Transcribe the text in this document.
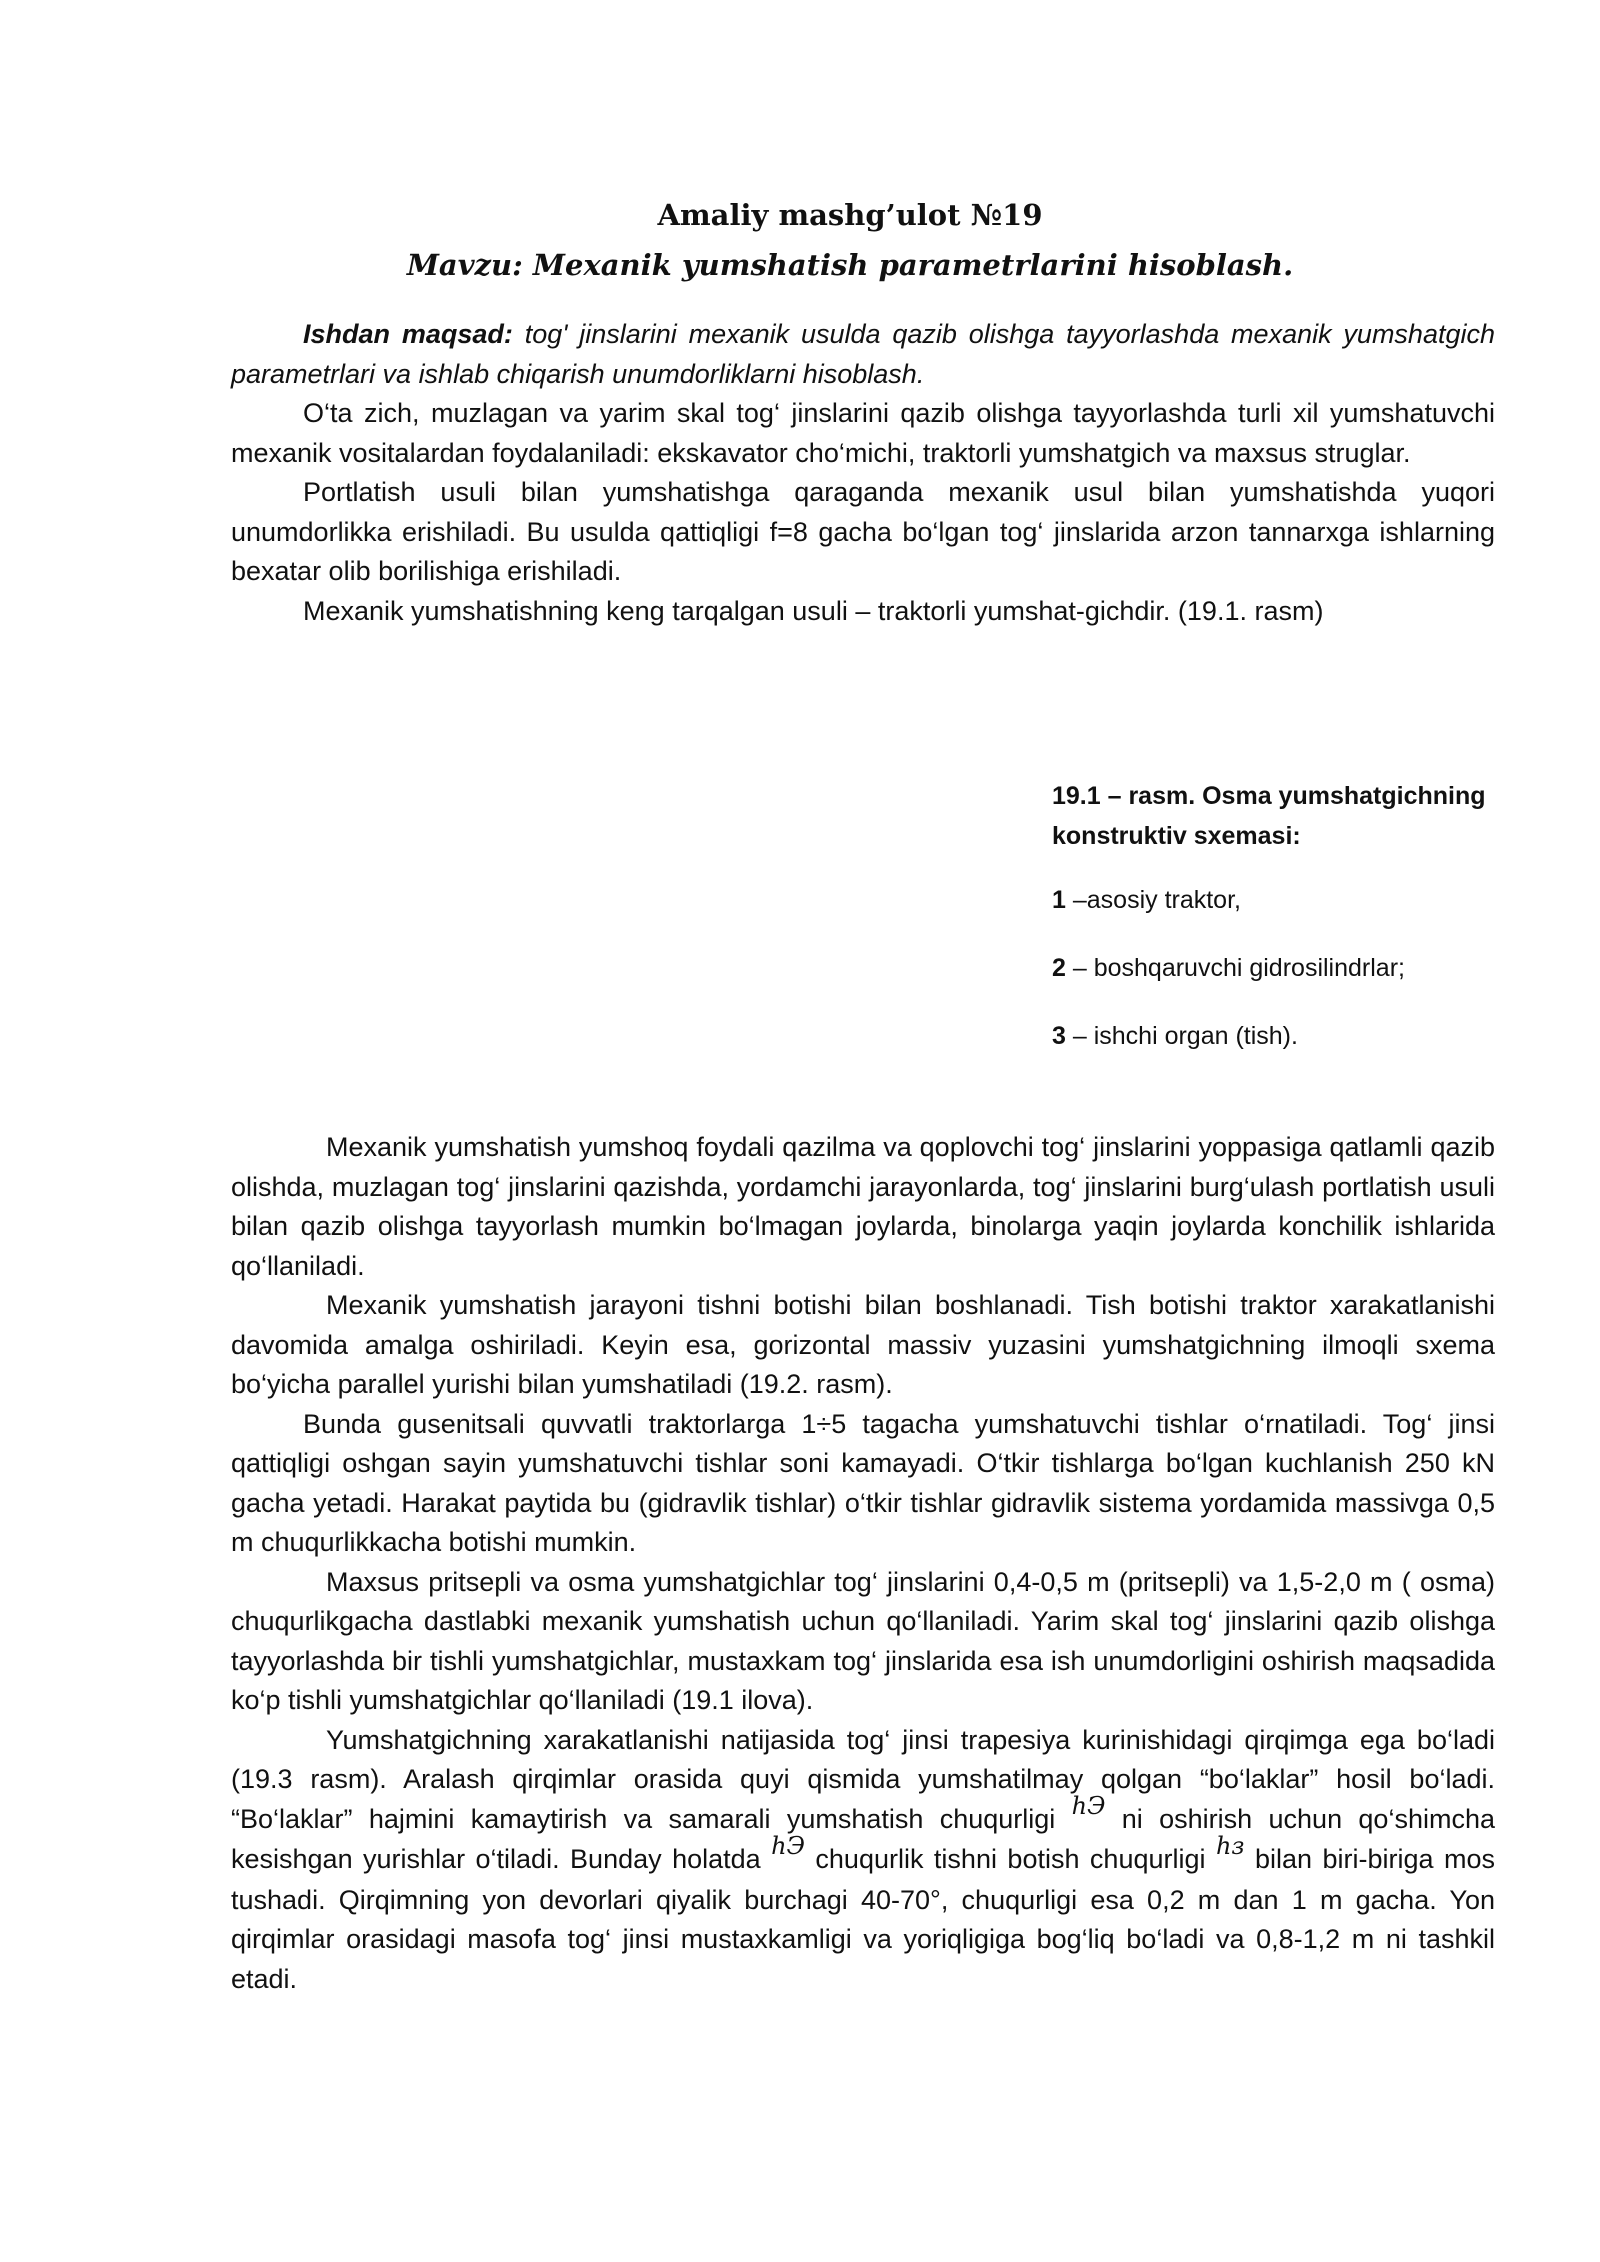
Amaliy mashg’ulot №19
Mavzu: Mexanik yumshatish parametrlarini hisoblash.

Ishdan maqsad: tog' jinslarini mexanik usulda qazib olishga tayyorlashda mexanik yumshatgich parametrlari va ishlab chiqarish unumdorliklarni hisoblash.

O‘ta zich, muzlagan va yarim skal tog‘ jinslarini qazib olishga tayyorlashda turli xil yumshatuvchi mexanik vositalardan foydalaniladi: ekskavator cho‘michi, traktorli yumshatgich va maxsus struglar.

Portlatish usuli bilan yumshatishga qaraganda mexanik usul bilan yumshatishda yuqori unumdorlikka erishiladi. Bu usulda qattiqligi f=8 gacha bo‘lgan tog‘ jinslarida arzon tannarxga ishlarning bexatar olib borilishiga erishiladi.

Mexanik yumshatishning keng tarqalgan usuli – traktorli yumshat-gichdir. (19.1. rasm)

19.1 – rasm. Osma yumshatgichning konstruktiv sxemasi:

1 –asosiy traktor,

2 – boshqaruvchi gidrosilindrlar;

3 – ishchi organ (tish).

Mexanik yumshatish yumshoq foydali qazilma va qoplovchi tog‘ jinslarini yoppasiga qatlamli qazib olishda, muzlagan tog‘ jinslarini qazishda, yordamchi jarayonlarda, tog‘ jinslarini burg‘ulash portlatish usuli bilan qazib olishga tayyorlash mumkin bo‘lmagan joylarda, binolarga yaqin joylarda konchilik ishlarida qo‘llaniladi.

Mexanik yumshatish jarayoni tishni botishi bilan boshlanadi. Tish botishi traktor xarakatlanishi davomida amalga oshiriladi. Keyin esa, gorizontal massiv yuzasini yumshatgichning ilmoqli sxema bo‘yicha parallel yurishi bilan yumshatiladi (19.2. rasm).

Bunda gusenitsali quvvatli traktorlarga 1÷5 tagacha yumshatuvchi tishlar o‘rnatiladi. Tog‘ jinsi qattiqligi oshgan sayin yumshatuvchi tishlar soni kamayadi. O‘tkir tishlarga bo‘lgan kuchlanish 250 kN gacha yetadi. Harakat paytida bu (gidravlik tishlar) o‘tkir tishlar gidravlik sistema yordamida massivga 0,5 m chuqurlikkacha botishi mumkin.

Maxsus pritsepli va osma yumshatgichlar tog‘ jinslarini 0,4-0,5 m (pritsepli) va 1,5-2,0 m ( osma) chuqurlikgacha dastlabki mexanik yumshatish uchun qo‘llaniladi. Yarim skal tog‘ jinslarini qazib olishga tayyorlashda bir tishli yumshatgichlar, mustaxkam tog‘ jinslarida esa ish unumdorligini oshirish maqsadida ko‘p tishli yumshatgichlar qo‘llaniladi (19.1 ilova).

Yumshatgichning xarakatlanishi natijasida tog‘ jinsi trapesiya kurinishidagi qirqimga ega bo‘ladi (19.3 rasm). Aralash qirqimlar orasida quyi qismida yumshatilmay qolgan “bo‘laklar” hosil bo‘ladi. “Bo‘laklar” hajmini kamaytirish va samarali yumshatish chuqurligi hЭ ni oshirish uchun qo‘shimcha kesishgan yurishlar o‘tiladi. Bunday holatda hЭ chuqurlik tishni botish chuqurligi hз bilan biri-biriga mos tushadi. Qirqimning yon devorlari qiyalik burchagi 40-70°, chuqurligi esa 0,2 m dan 1 m gacha. Yon qirqimlar orasidagi masofa tog‘ jinsi mustaxkamligi va yoriqligiga bog‘liq bo‘ladi va 0,8-1,2 m ni tashkil etadi.
